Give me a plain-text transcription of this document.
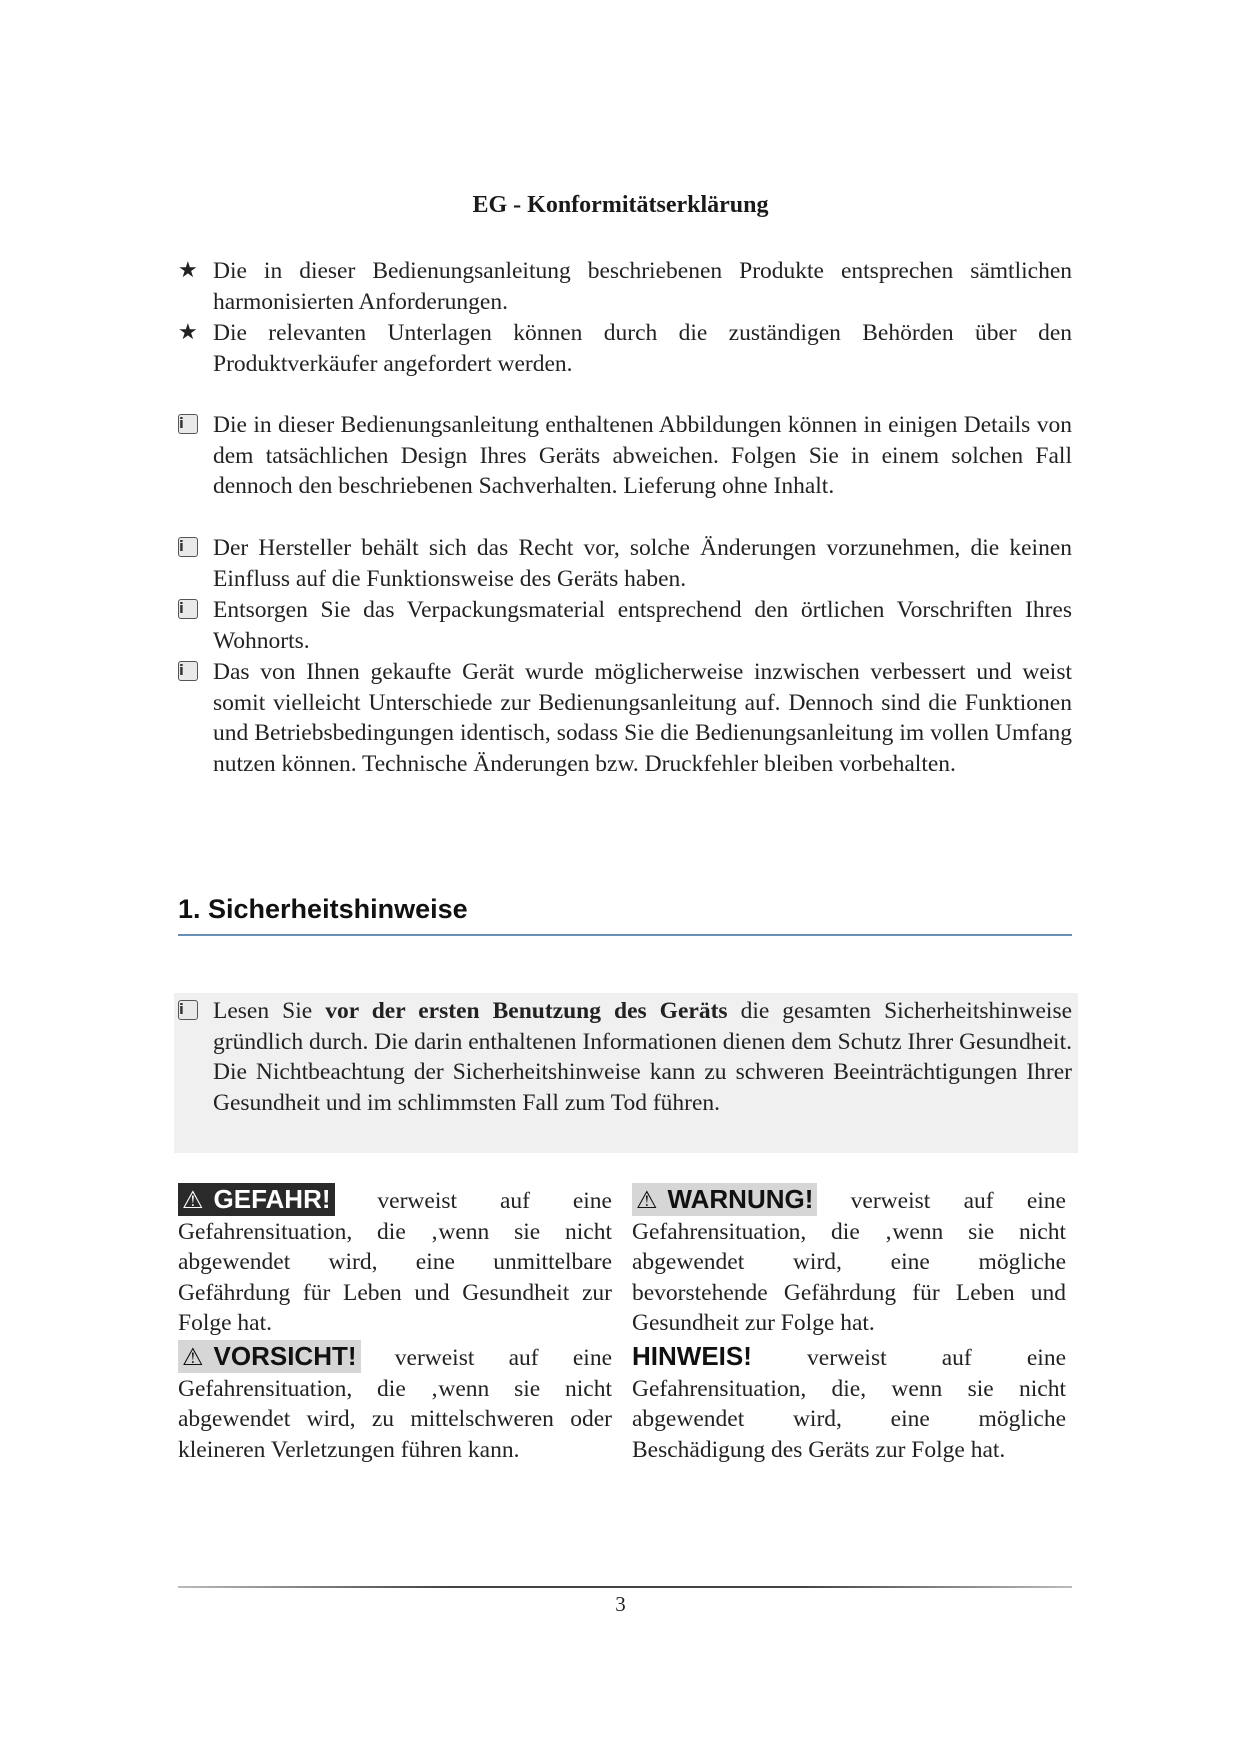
EG - Konformitätserklärung
★ Die in dieser Bedienungsanleitung beschriebenen Produkte entsprechen sämtlichen harmonisierten Anforderungen.
★ Die relevanten Unterlagen können durch die zuständigen Behörden über den Produktverkäufer angefordert werden.
i	Die in dieser Bedienungsanleitung enthaltenen Abbildungen können in einigen Details von dem tatsächlichen Design Ihres Geräts abweichen. Folgen Sie in einem solchen Fall dennoch den beschriebenen Sachverhalten. Lieferung ohne Inhalt.
i	Der Hersteller behält sich das Recht vor, solche Änderungen vorzunehmen, die keinen Einfluss auf die Funktionsweise des Geräts haben.
i	Entsorgen Sie das Verpackungsmaterial entsprechend den örtlichen Vorschriften Ihres Wohnorts.
i	Das von Ihnen gekaufte Gerät wurde möglicherweise inzwischen verbessert und weist somit vielleicht Unterschiede zur Bedienungsanleitung auf. Dennoch sind die Funktionen und Betriebsbedingungen identisch, sodass Sie die Bedienungsanleitung im vollen Umfang nutzen können. Technische Änderungen bzw. Druckfehler bleiben vorbehalten.
1. Sicherheitshinweise
i	Lesen Sie vor der ersten Benutzung des Geräts die gesamten Sicherheitshinweise gründlich durch. Die darin enthaltenen Informationen dienen dem Schutz Ihrer Gesundheit. Die Nichtbeachtung der Sicherheitshinweise kann zu schweren Beeinträchtigungen Ihrer Gesundheit und im schlimmsten Fall zum Tod führen.
⚠ GEFAHR! verweist auf eine Gefahrensituation, die ‚wenn sie nicht abgewendet wird, eine unmittelbare Gefährdung für Leben und Gesundheit zur Folge hat.
⚠ WARNUNG! verweist auf eine Gefahrensituation, die ‚wenn sie nicht abgewendet wird, eine mögliche bevorstehende Gefährdung für Leben und Gesundheit zur Folge hat.
⚠ VORSICHT! verweist auf eine Gefahrensituation, die ‚wenn sie nicht abgewendet wird, zu mittelschweren oder kleineren Verletzungen führen kann.
HINWEIS! verweist auf eine Gefahrensituation, die, wenn sie nicht abgewendet wird, eine mögliche Beschädigung des Geräts zur Folge hat.
3
